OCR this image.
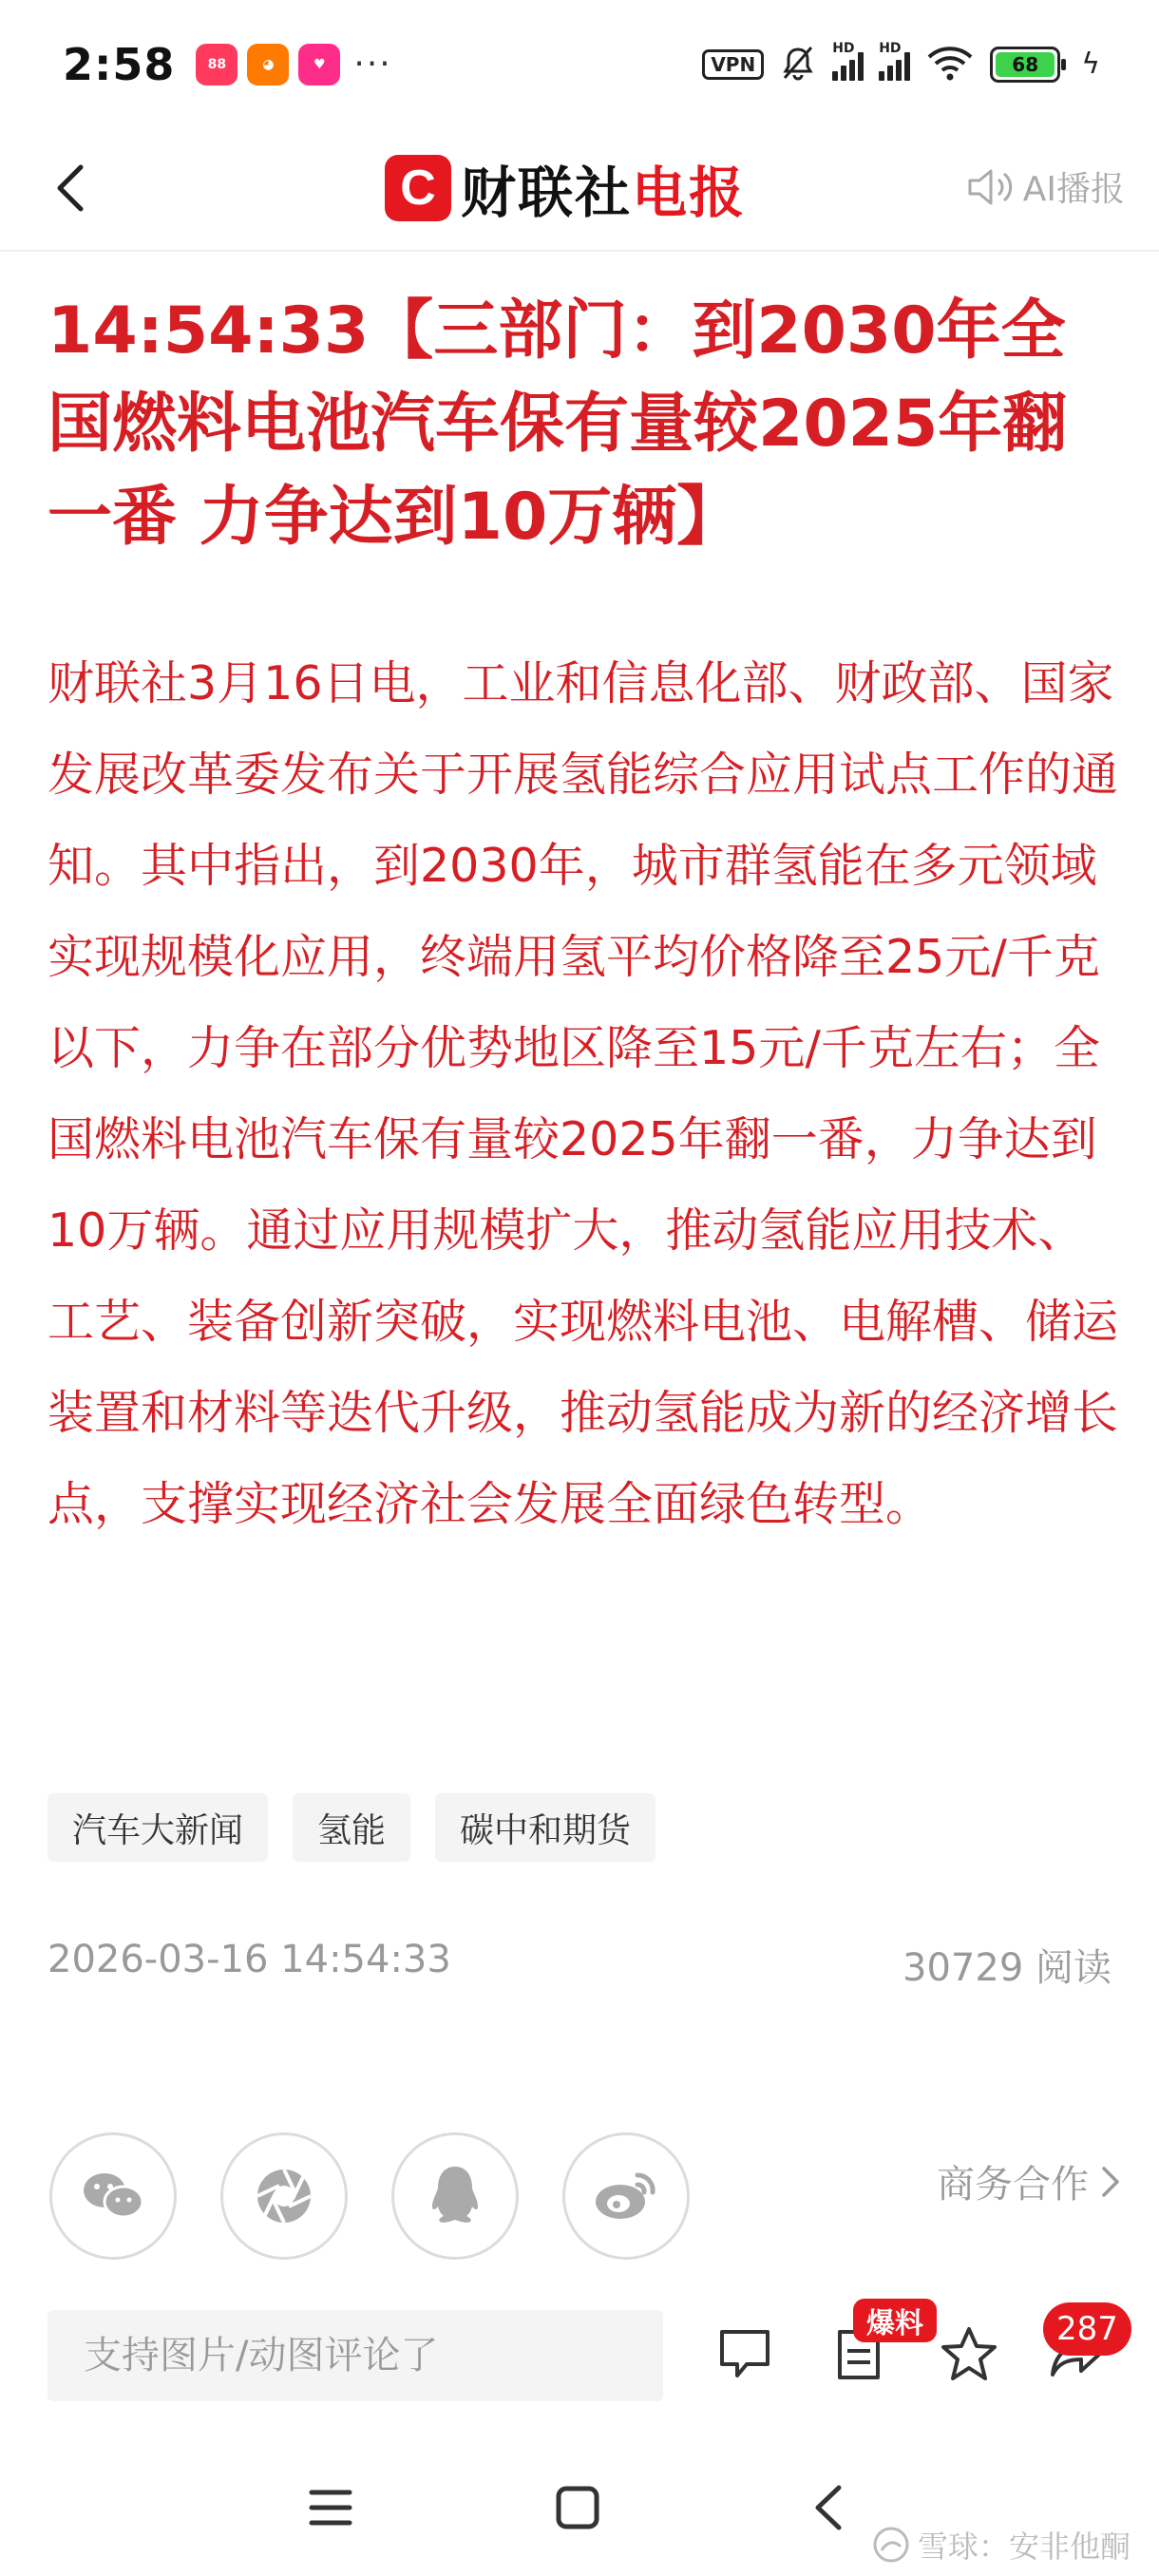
2:58	88	◕	♥ ···	VPN
HD HD
68	ϟ
C 财联社电报	AI播报
14:54:33【三部门：到2030年全国燃料电池汽车保有量较2025年翻一番 力争达到10万辆】

财联社3月16日电，工业和信息化部、财政部、国家发展改革委发布关于开展氢能综合应用试点工作的通知。其中指出，到2030年，城市群氢能在多元领域实现规模化应用，终端用氢平均价格降至25元/千克以下，力争在部分优势地区降至15元/千克左右；全国燃料电池汽车保有量较2025年翻一番，力争达到10万辆。通过应用规模扩大，推动氢能应用技术、工艺、装备创新突破，实现燃料电池、电解槽、储运装置和材料等迭代升级，推动氢能成为新的经济增长点，支撑实现经济社会发展全面绿色转型。

汽车大新闻	氢能	碳中和期货
2026-03-16 14:54:33	30729 阅读
商务合作
支持图片/动图评论了
爆料	287
雪球：安非他酮
